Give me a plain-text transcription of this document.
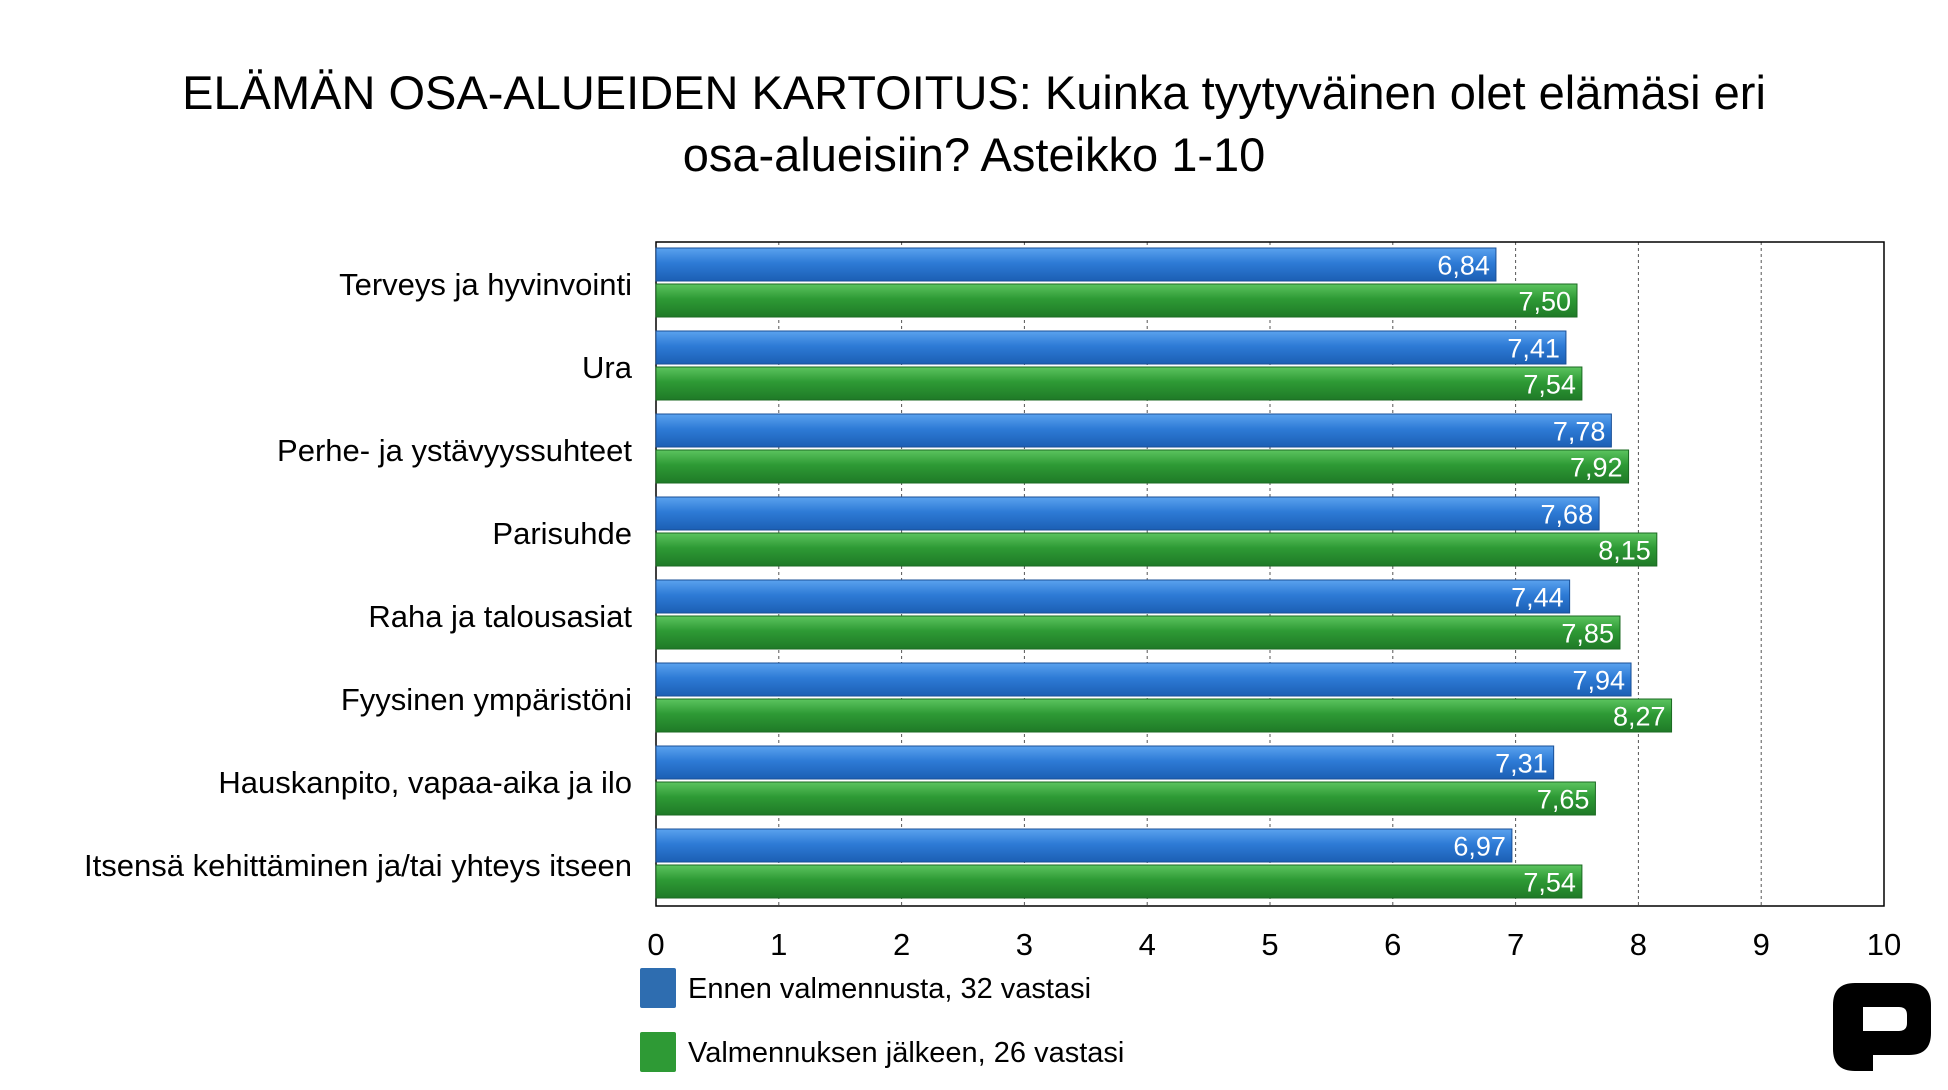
ELÄMÄN OSA-ALUEIDEN KARTOITUS: Kuinka tyytyväinen olet elämäsi eri
osa-alueisiin? Asteikko 1-10
6,84
7,50
7,41
7,54
7,78
7,92
7,68
8,15
7,44
7,85
7,94
8,27
7,31
7,65
6,97
7,54
Terveys ja hyvinvointi
Ura
Perhe- ja ystävyyssuhteet
Parisuhde
Raha ja talousasiat
Fyysinen ympäristöni
Hauskanpito, vapaa-aika ja ilo
Itsensä kehittäminen ja/tai yhteys itseen
0	1	2	3	4	5	6	7	8	9	10
Ennen valmennusta, 32 vastasi
Valmennuksen jälkeen, 26 vastasi
